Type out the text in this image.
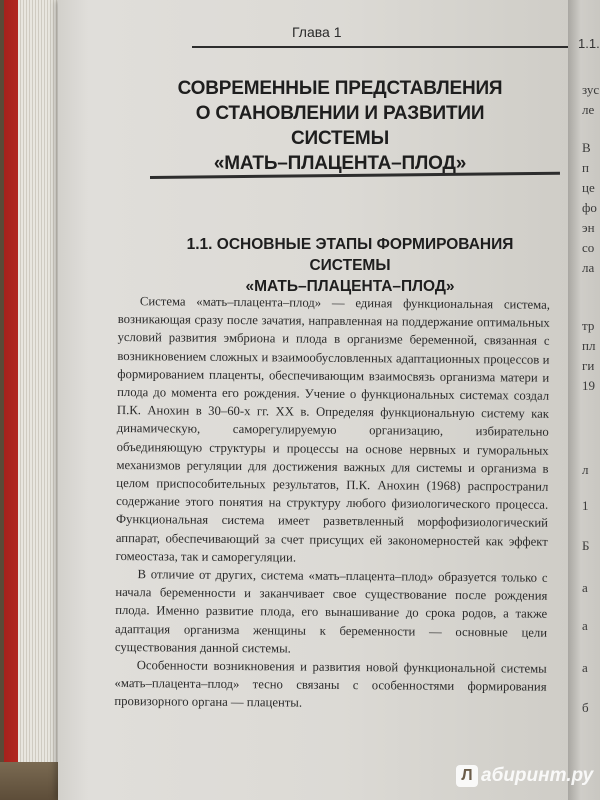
1.1.
зус
ле
В
п
це
фо
эн
со
ла
тр
пл
ги
19
л
1
Б
а
а
а
б
Глава 1
СОВРЕМЕННЫЕ ПРЕДСТАВЛЕНИЯ
О СТАНОВЛЕНИИ И РАЗВИТИИ СИСТЕМЫ
«МАТЬ–ПЛАЦЕНТА–ПЛОД»
1.1. ОСНОВНЫЕ ЭТАПЫ ФОРМИРОВАНИЯ СИСТЕМЫ
«МАТЬ–ПЛАЦЕНТА–ПЛОД»

Система «мать–плацента–плод» — единая функциональная система, возникающая сразу после зачатия, направленная на поддержание оптимальных условий развития эмбриона и плода в организме беременной, связанная с возникновением сложных и взаимообусловленных адаптационных процессов и формированием плаценты, обеспечивающим взаимосвязь организма матери и плода до момента его рождения. Учение о функциональных системах создал П.К. Анохин в 30–60-х гг. XX в. Определяя функциональную систему как динамическую, саморегулируемую организацию, избирательно объединяющую структуры и процессы на основе нервных и гуморальных механизмов регуляции для достижения важных для системы и организма в целом приспособительных результатов, П.К. Анохин (1968) распространил содержание этого понятия на структуру любого физиологического процесса. Функциональная система имеет разветвленный морфофизиологический аппарат, обеспечивающий за счет присущих ей закономерностей как эффект гомеостаза, так и саморегуляции.

В отличие от других, система «мать–плацента–плод» образуется только с начала беременности и заканчивает свое существование после рождения плода. Именно развитие плода, его вынашивание до срока родов, а также адаптация организма женщины к беременности — основные цели существования данной системы.

Особенности возникновения и развития новой функциональной системы «мать–плацента–плод» тесно связаны с особенностями формирования провизорного органа — плаценты.

Л абиринт.ру
